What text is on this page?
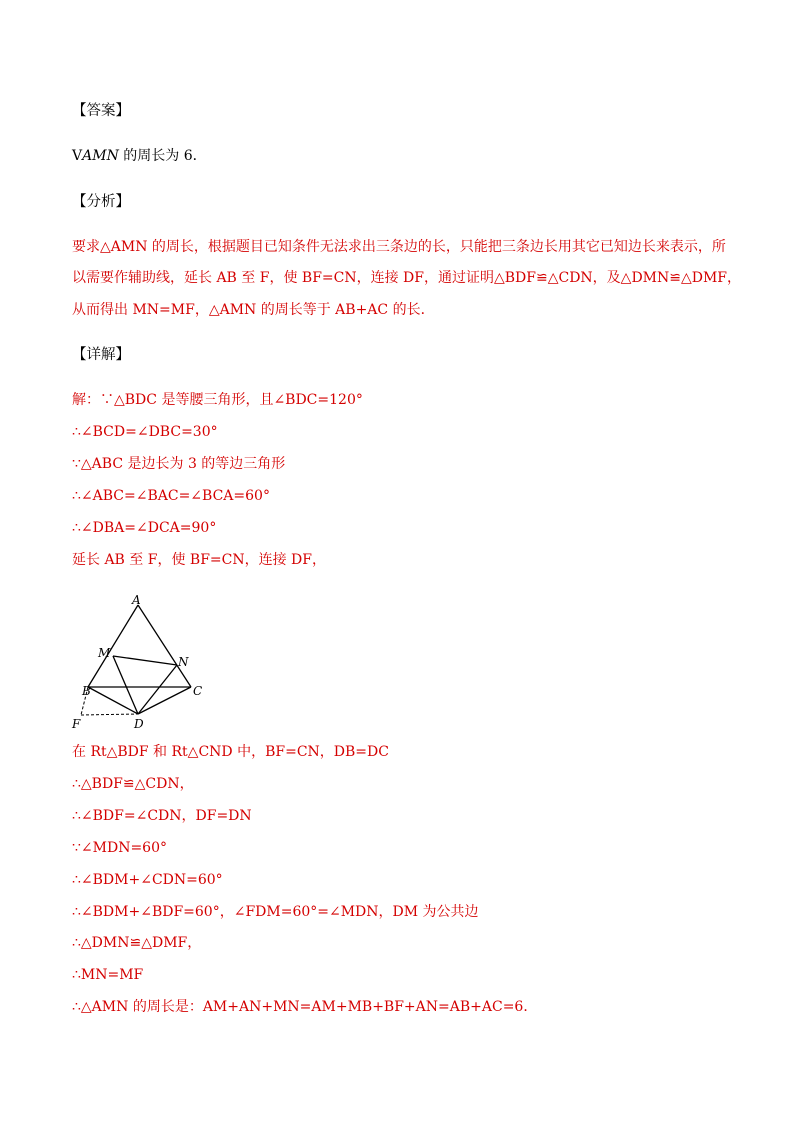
【答案】
VAMN 的周长为 6．
【分析】
要求△AMN 的周长，根据题目已知条件无法求出三条边的长，只能把三条边长用其它已知边长来表示，所
以需要作辅助线，延长 AB 至 F，使 BF=CN，连接 DF，通过证明△BDF≌△CDN，及△DMN≌△DMF，
从而得出 MN=MF，△AMN 的周长等于 AB+AC 的长．
【详解】
解：∵△BDC 是等腰三角形，且∠BDC=120°
∴∠BCD=∠DBC=30°
∵△ABC 是边长为 3 的等边三角形
∴∠ABC=∠BAC=∠BCA=60°
∴∠DBA=∠DCA=90°
延长 AB 至 F，使 BF=CN，连接 DF，
A
M
N
B	C
F	D
在 Rt△BDF 和 Rt△CND 中，BF=CN，DB=DC
∴△BDF≌△CDN，
∴∠BDF=∠CDN，DF=DN
∵∠MDN=60°
∴∠BDM+∠CDN=60°
∴∠BDM+∠BDF=60°，∠FDM=60°=∠MDN，DM 为公共边
∴△DMN≌△DMF，
∴MN=MF
∴△AMN 的周长是：AM+AN+MN=AM+MB+BF+AN=AB+AC=6．
